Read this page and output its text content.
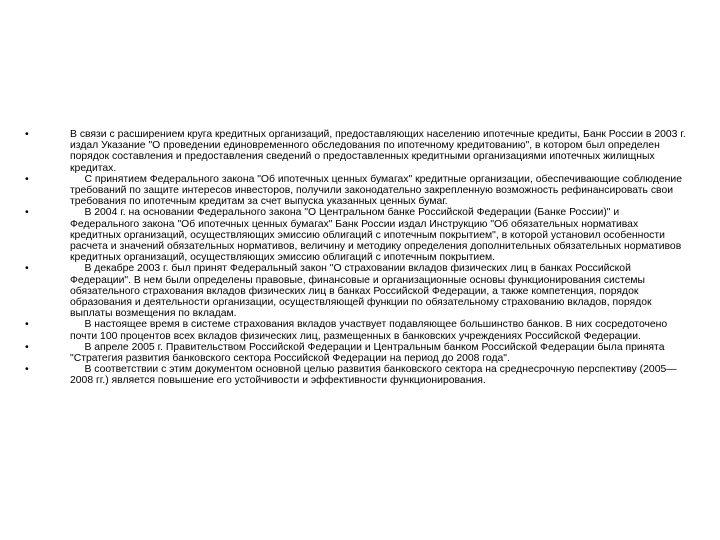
•	В связи с расширением круга кредитных организаций, предоставляющих населению ипотечные кредиты, Банк России в 2003 г. издал Указание "О проведении единовременного обследования по ипотечному кредитованию", в котором был определен порядок составления и предоставления сведений о предоставленных кредитными организациями ипотечных жилищных кредитах.
•	С принятием Федерального закона "Об ипотечных ценных бумагах" кредитные организации, обеспечивающие соблюдение требований по защите интересов инвесторов, получили законодательно закрепленную возможность рефинансировать свои требования по ипотечным кредитам за счет выпуска указанных ценных бумаг.
•	В 2004 г. на основании Федерального закона "О Центральном банке Российской Федерации (Банке России)" и Федерального закона "Об ипотечных ценных бумагах" Банк России издал Инструкцию "Об обязательных нормативах кредитных организаций, осуществляющих эмиссию облигаций с ипотечным покрытием", в которой установил особенности расчета и значений обязательных нормативов, величину и методику определения дополнительных обязательных нормативов кредитных организаций, осуществляющих эмиссию облигаций с ипотечным покрытием.
•	В декабре 2003 г. был принят Федеральный закон "О страховании вкладов физических лиц в банках Российской Федерации". В нем были определены правовые, финансовые и организационные основы функционирования системы обязательного страхования вкладов физических лиц в банках Российской Федерации, а также компетенция, порядок образования и деятельности организации, осуществляющей функции по обязательному страхованию вкладов, порядок выплаты возмещения по вкладам.
•	В настоящее время в системе страхования вкладов участвует подавляющее большинство банков. В них сосредоточено почти 100 процентов всех вкладов физических лиц, размещенных в банковских учреждениях Российской Федерации.
•	В апреле 2005 г. Правительством Российской Федерации и Центральным банком Российской Федерации была принята "Стратегия развития банковского сектора Российской Федерации на период до 2008 года".
•	В соответствии с этим документом основной целью развития банковского сектора на среднесрочную перспективу (2005—2008 гг.) является повышение его устойчивости и эффективности функционирования.
